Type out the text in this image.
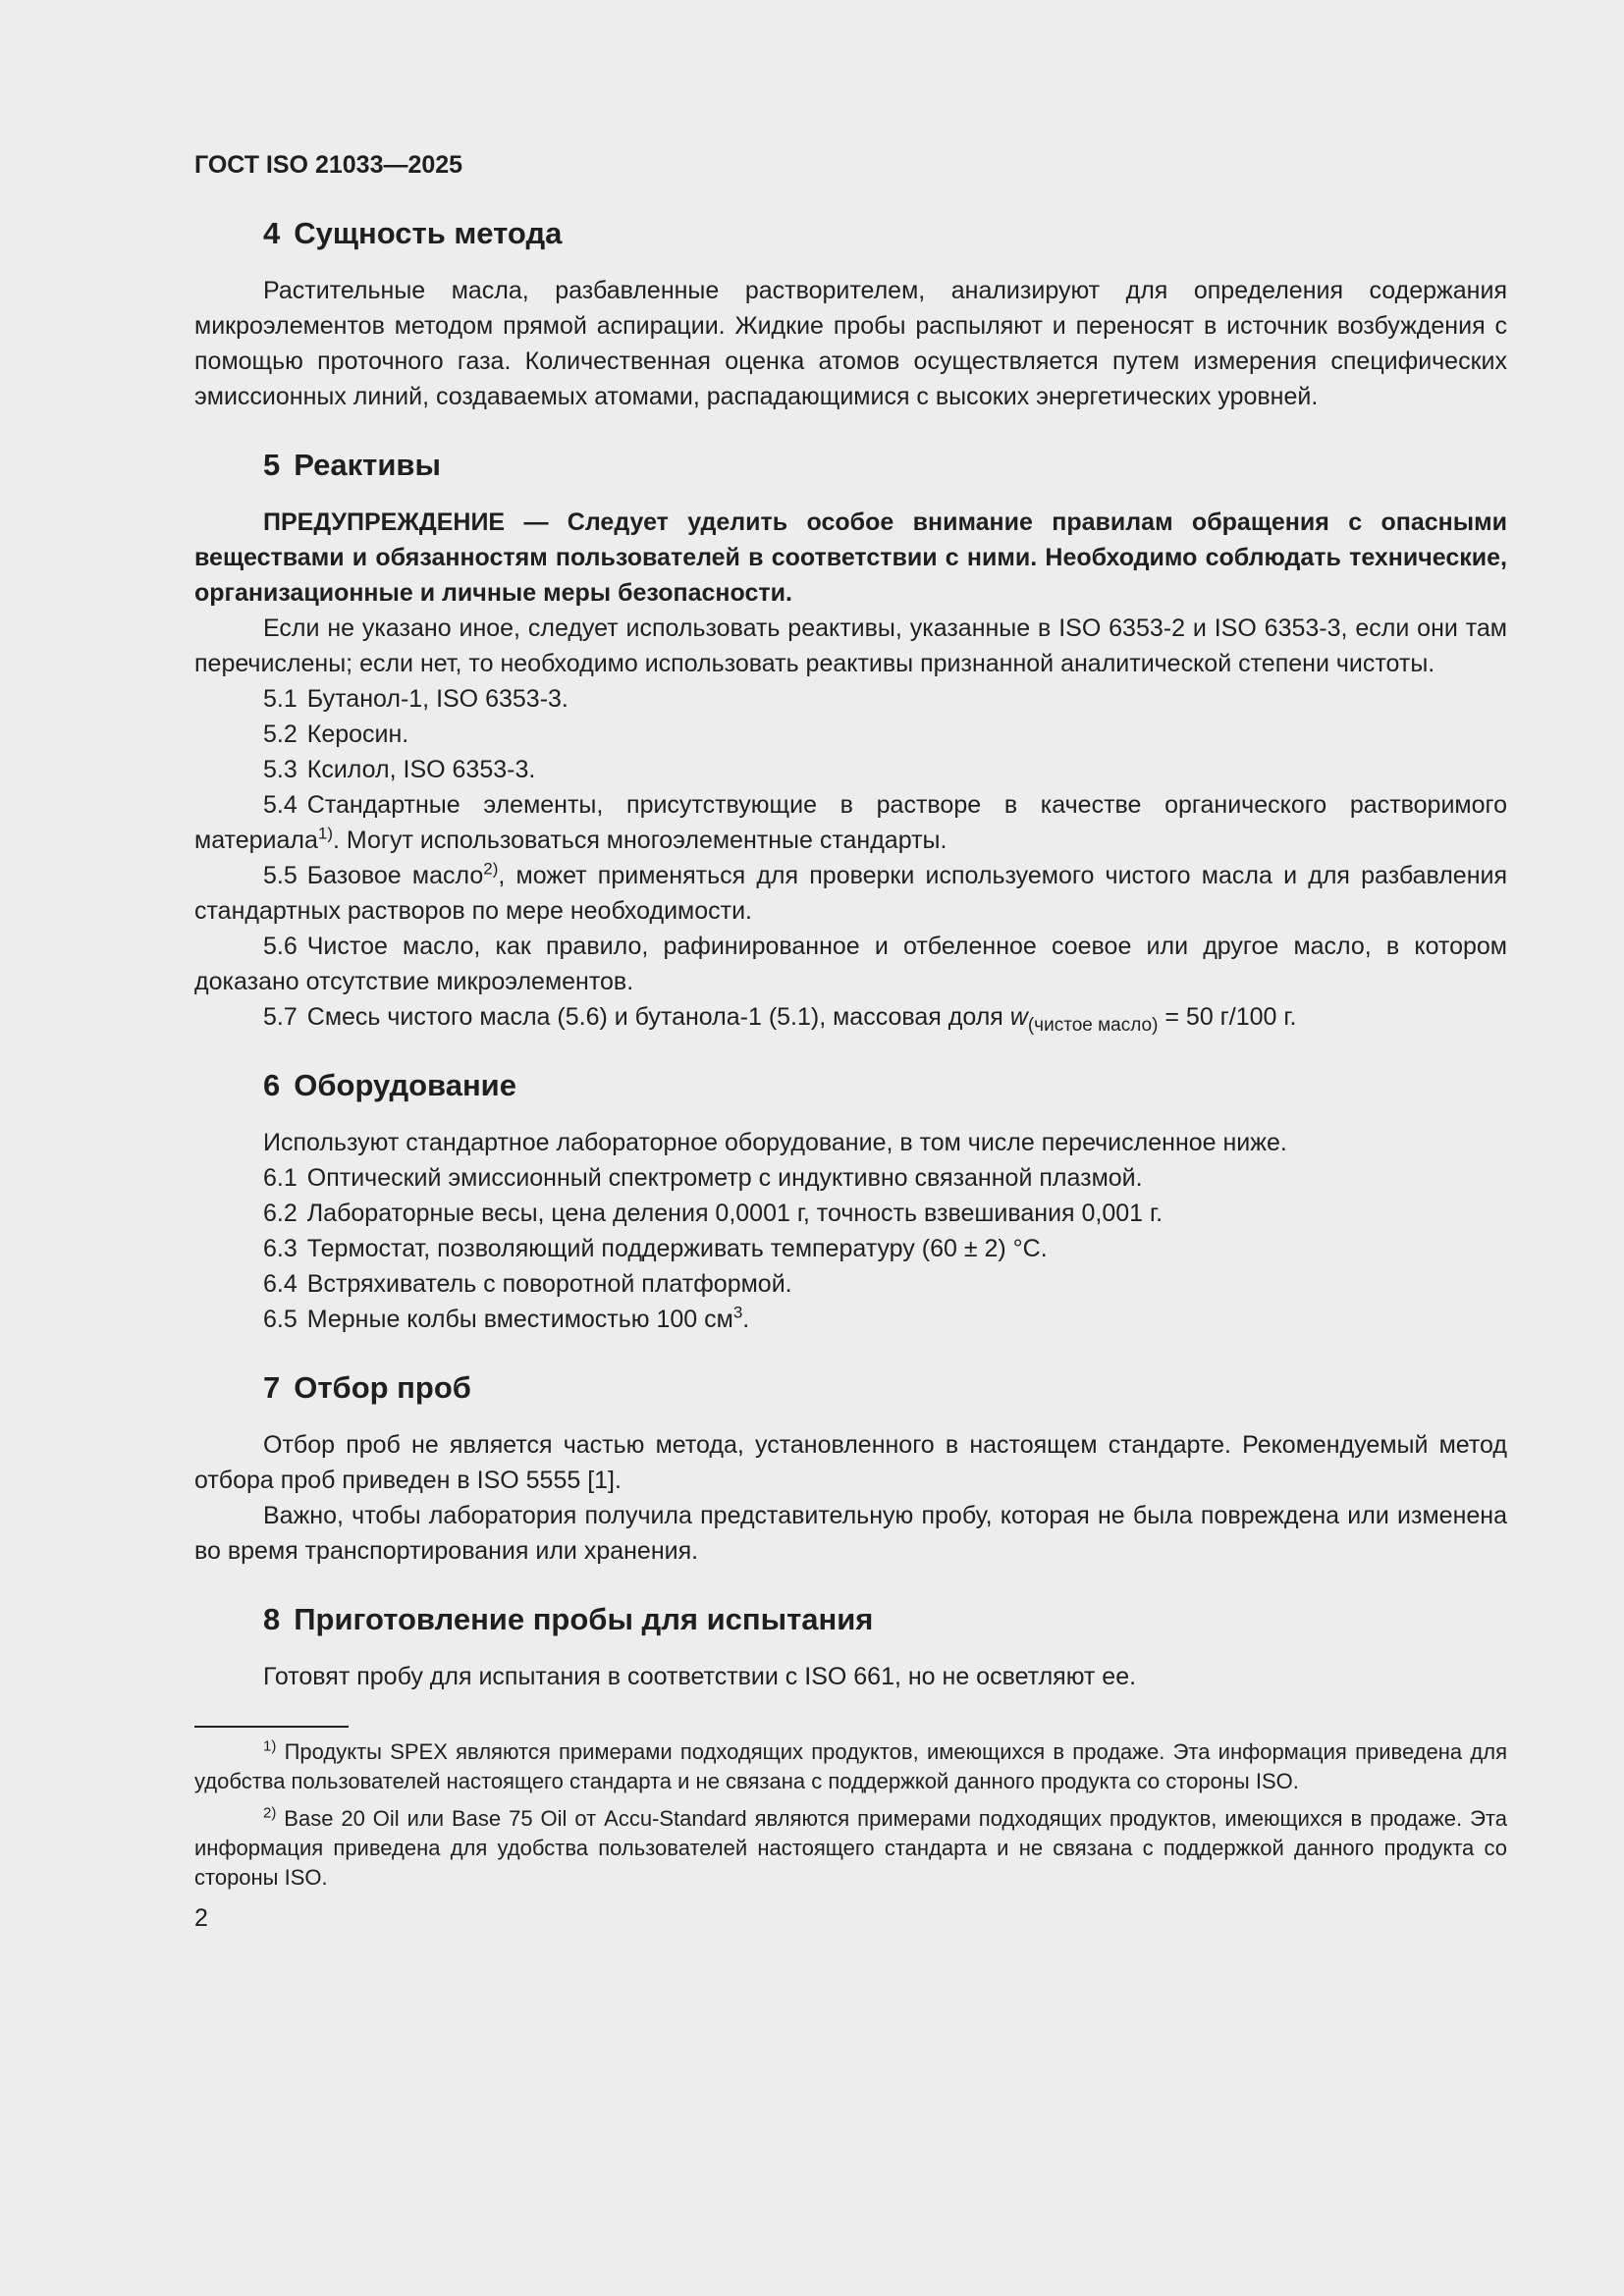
ГОСТ ISO 21033—2025
4 Сущность метода

Растительные масла, разбавленные растворителем, анализируют для определения содержания микроэлементов методом прямой аспирации. Жидкие пробы распыляют и переносят в источник возбуждения с помощью проточного газа. Количественная оценка атомов осуществляется путем измерения специфических эмиссионных линий, создаваемых атомами, распадающимися с высоких энергетических уровней.

5 Реактивы

ПРЕДУПРЕЖДЕНИЕ — Следует уделить особое внимание правилам обращения с опасными веществами и обязанностям пользователей в соответствии с ними. Необходимо соблюдать технические, организационные и личные меры безопасности.

Если не указано иное, следует использовать реактивы, указанные в ISO 6353-2 и ISO 6353-3, если они там перечислены; если нет, то необходимо использовать реактивы признанной аналитической степени чистоты.

5.1 Бутанол-1, ISO 6353-3.
5.2 Керосин.
5.3 Ксилол, ISO 6353-3.
5.4 Стандартные элементы, присутствующие в растворе в качестве органического растворимого материала$^{1)}$. Могут использоваться многоэлементные стандарты.
5.5 Базовое масло$^{2)}$, может применяться для проверки используемого чистого масла и для разбавления стандартных растворов по мере необходимости.
5.6 Чистое масло, как правило, рафинированное и отбеленное соевое или другое масло, в котором доказано отсутствие микроэлементов.
5.7 Смесь чистого масла (5.6) и бутанола-1 (5.1), массовая доля $w_{(чистое масло)} = 50$ г/100 г.
6 Оборудование
Используют стандартное лабораторное оборудование, в том числе перечисленное ниже.
6.1 Оптический эмиссионный спектрометр с индуктивно связанной плазмой.
6.2 Лабораторные весы, цена деления 0,0001 г, точность взвешивания 0,001 г.
6.3 Термостат, позволяющий поддерживать температуру (60 ± 2) °С.
6.4 Встряхиватель с поворотной платформой.
6.5 Мерные колбы вместимостью 100 $см^3$.
7 Отбор проб

Отбор проб не является частью метода, установленного в настоящем стандарте. Рекомендуемый метод отбора проб приведен в ISO 5555 [1].

Важно, чтобы лаборатория получила представительную пробу, которая не была повреждена или изменена во время транспортирования или хранения.

8 Приготовление пробы для испытания

Готовят пробу для испытания в соответствии с ISO 661, но не осветляют ее.

$^{1)}$ Продукты SPEX являются примерами подходящих продуктов, имеющихся в продаже. Эта информация приведена для удобства пользователей настоящего стандарта и не связана с поддержкой данного продукта со стороны ISO.
$^{2)}$ Base 20 Oil или Base 75 Oil от Accu-Standard являются примерами подходящих продуктов, имеющихся в продаже. Эта информация приведена для удобства пользователей настоящего стандарта и не связана с поддержкой данного продукта со стороны ISO.
2
